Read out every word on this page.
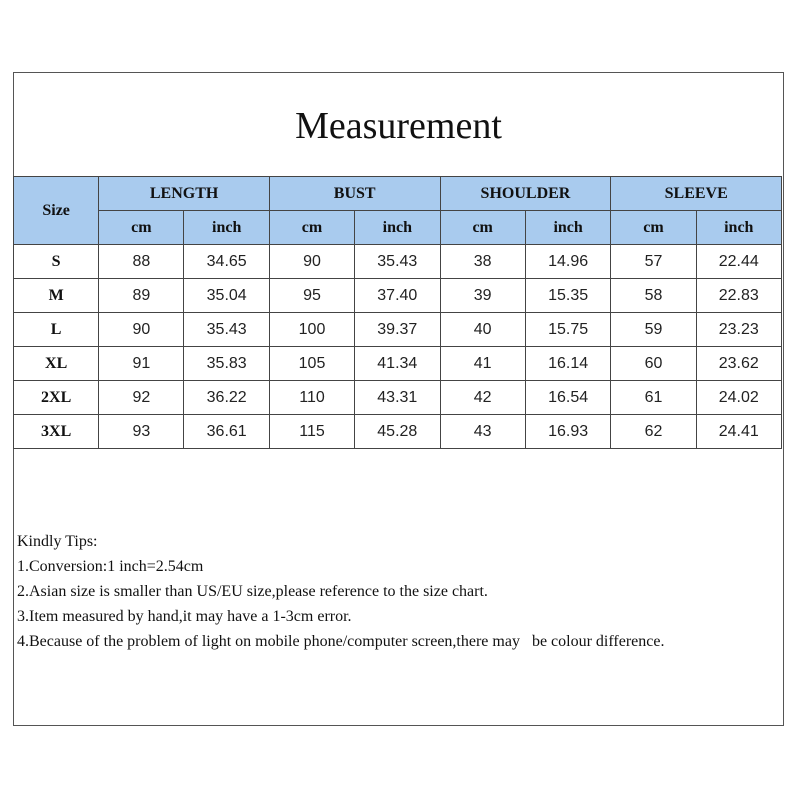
Measurement
Size	LENGTH		BUST		SHOULDER		SLEEVE	
	cm	inch	cm	inch	cm	inch	cm	inch
S	88	34.65	90	35.43	38	14.96	57	22.44
M	89	35.04	95	37.40	39	15.35	58	22.83
L	90	35.43	100	39.37	40	15.75	59	23.23
XL	91	35.83	105	41.34	41	16.14	60	23.62
2XL	92	36.22	110	43.31	42	16.54	61	24.02
3XL	93	36.61	115	45.28	43	16.93	62	24.41
Kindly Tips:
1.Conversion:1 inch=2.54cm
2.Asian size is smaller than US/EU size,please reference to the size chart.
3.Item measured by hand,it may have a 1-3cm error.
4.Because of the problem of light on mobile phone/computer screen,there may   be colour difference.
